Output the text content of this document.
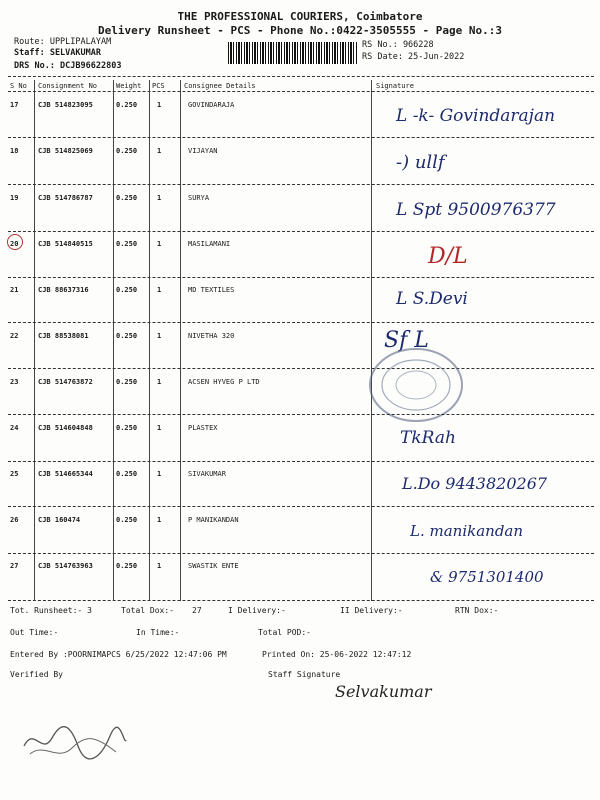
THE PROFESSIONAL COURIERS, Coimbatore
Delivery Runsheet - PCS - Phone No.:0422-3505555 - Page No.:3
Route: UPPLIPALAYAM
Staff: SELVAKUMAR
DRS No.: DCJB96622803
RS No.: 966228
RS Date: 25-Jun-2022
S No Consignment No	Weight PCS	Consignee Details	Signature
17	CJB 514823095	0.250	1	GOVINDARAJA
L -k- Govindarajan
18	CJB 514825069	0.250	1	VIJAYAN
-) ullf
19	CJB 514786787	0.250	1	SURYA
L Spt 9500976377
20	CJB 514840515	0.250	1	MASILAMANI	D/L
21	CJB 88637316	0.250	1	MD TEXTILES	L S.Devi
22	CJB 88538081	0.250	1	NIVETHA 320	Sf L
23	CJB 514763872	0.250	1	ACSEN HYVEG P LTD
24	CJB 514604848	0.250	1	PLASTEX	TkRah
25	CJB 514665344	0.250	1	SIVAKUMAR	L.Do 9443820267
26	CJB 160474	0.250	1	P MANIKANDAN
L. manikandan
27	CJB 514763963	0.250	1	SWASTIK ENTE
& 9751301400
Tot. Runsheet:- 3	Total Dox:- 27	I Delivery:-	II Delivery:-	RTN Dox:-
Out Time:-	In Time:-	Total POD:-
Entered By :POORNIMAPCS 6/25/2022 12:47:06 PM	Printed On: 25-06-2022 12:47:12
Verified By	Staff Signature
Selvakumar
